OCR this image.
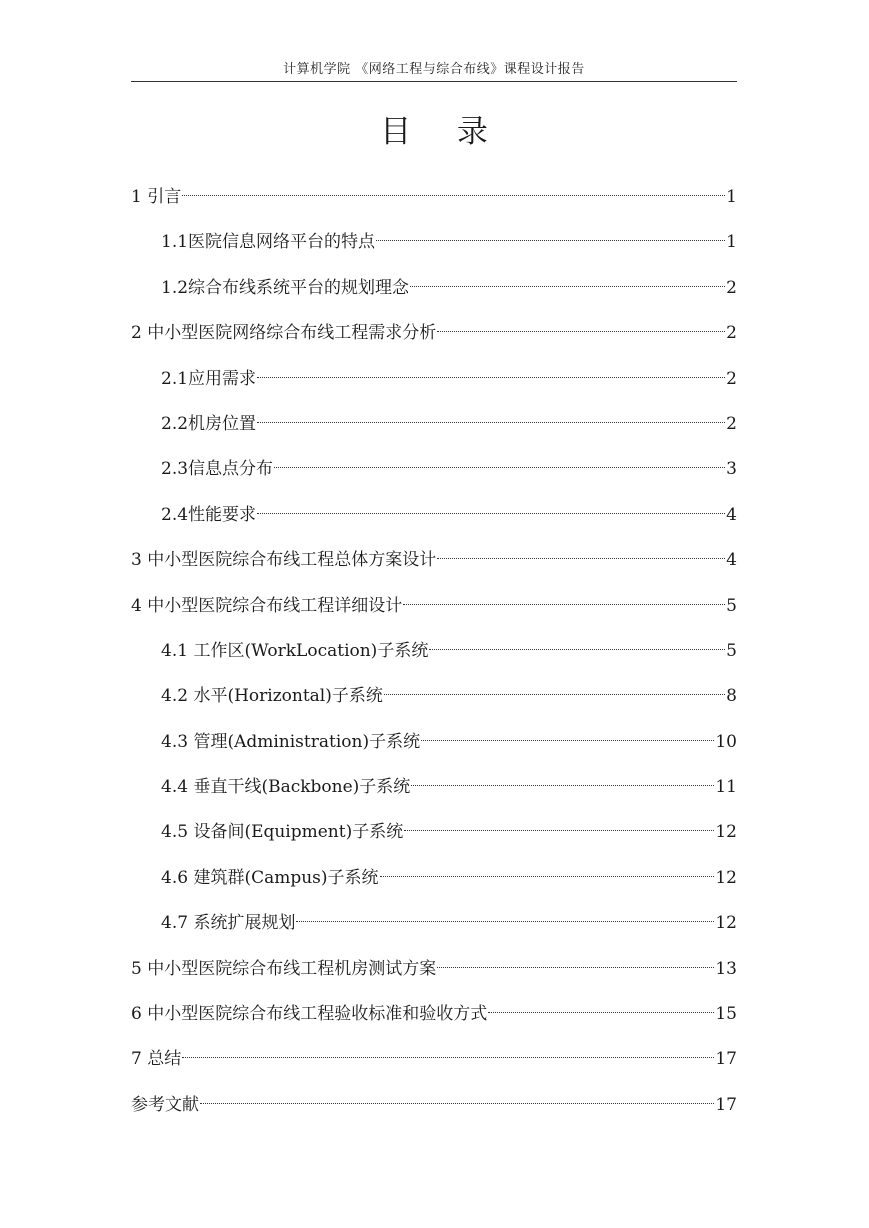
计算机学院 《网络工程与综合布线》课程设计报告
目 录
1 引言	1
1.1医院信息网络平台的特点	1
1.2综合布线系统平台的规划理念	2
2 中小型医院网络综合布线工程需求分析	2
2.1应用需求	2
2.2机房位置	2
2.3信息点分布	3
2.4性能要求	4
3 中小型医院综合布线工程总体方案设计	4
4 中小型医院综合布线工程详细设计	5
4.1 工作区(WorkLocation)子系统	5
4.2 水平(Horizontal)子系统	8
4.3 管理(Administration)子系统	10
4.4 垂直干线(Backbone)子系统	11
4.5 设备间(Equipment)子系统	12
4.6 建筑群(Campus)子系统	12
4.7 系统扩展规划	12
5 中小型医院综合布线工程机房测试方案	13
6 中小型医院综合布线工程验收标准和验收方式	15
7 总结	17
参考文献	17
